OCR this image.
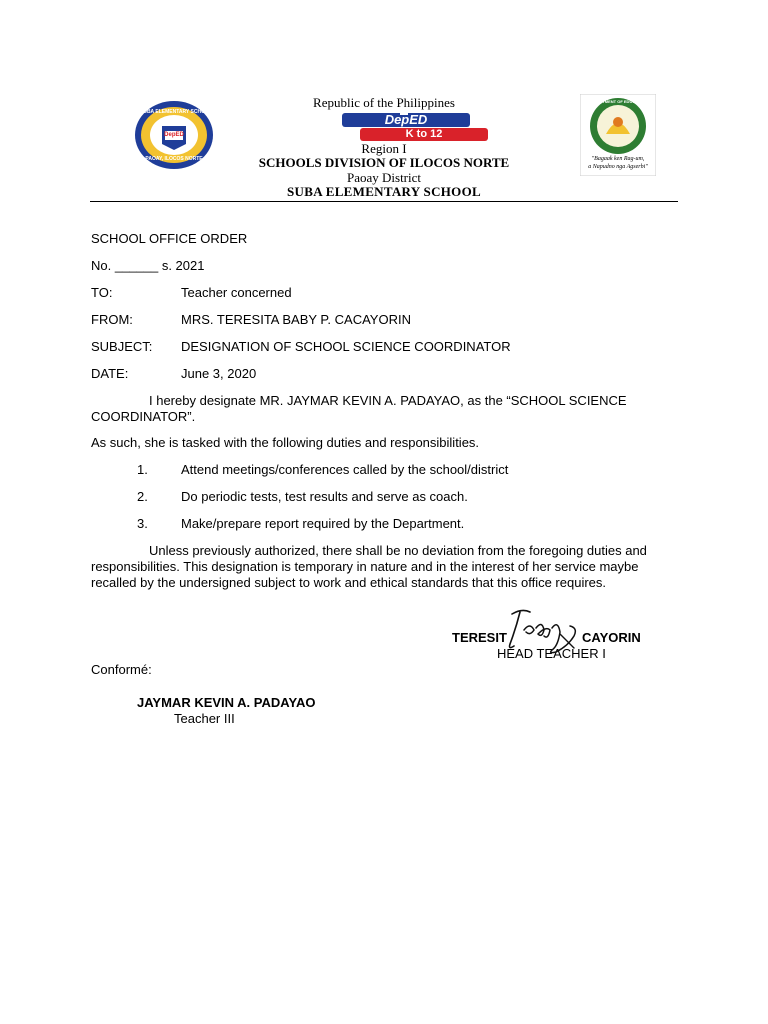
DepED
SUBA ELEMENTARY SCHOOL
PAOAY, ILOCOS NORTE
DepED
K to 12
DEPARTMENT OF EDUCATION
"Bagaak ken Rag-um,
a Napudno nga Agserbi"
Republic of the Philippines
Region I
SCHOOLS DIVISION OF ILOCOS NORTE
Paoay District
SUBA ELEMENTARY SCHOOL
SCHOOL OFFICE ORDER
No. ______ s. 2021
TO:	Teacher concerned
FROM:	MRS. TERESITA BABY P. CACAYORIN
SUBJECT: DESIGNATION OF SCHOOL SCIENCE COORDINATOR
DATE:	June 3, 2020
I hereby designate MR. JAYMAR KEVIN A. PADAYAO, as the “SCHOOL SCIENCE
COORDINATOR”.
As such, she is tasked with the following duties and responsibilities.
1.	Attend meetings/conferences called by the school/district
2.	Do periodic tests, test results and serve as coach.
3.	Make/prepare report required by the Department.
Unless previously authorized, there shall be no deviation from the foregoing duties and
responsibilities. This designation is temporary in nature and in the interest of her service maybe
recalled by the undersigned subject to work and ethical standards that this office requires.
TERESIT	CAYORIN
HEAD TEACHER I
Conformé:
JAYMAR KEVIN A. PADAYAO
Teacher III
